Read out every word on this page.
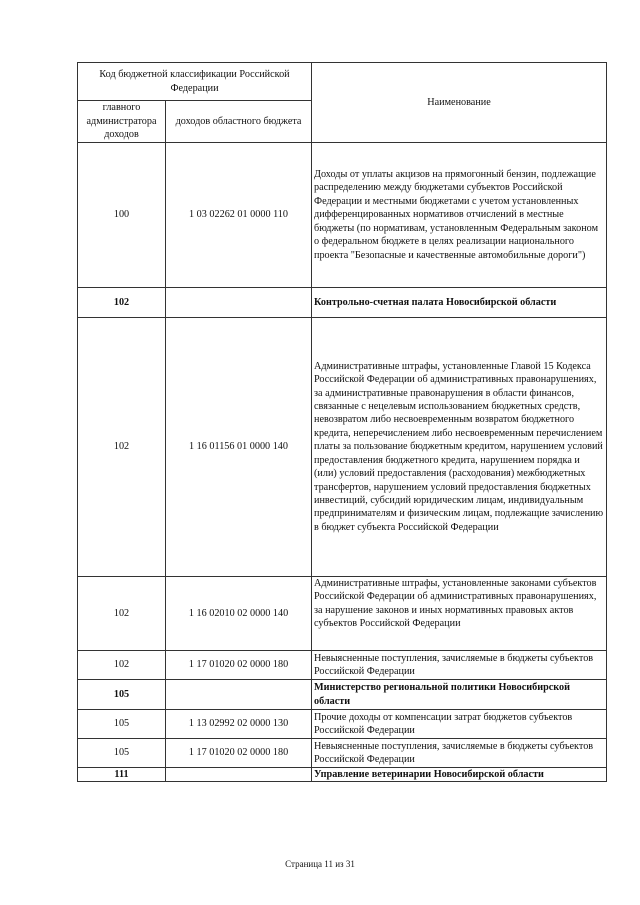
Код бюджетной классификации Российской Федерации		Наименование
главного администратора доходов	доходов областного бюджета	
100	1 03 02262 01 0000 110	Доходы от уплаты акцизов на прямогонный бензин, подлежащие распределению между бюджетами субъектов Российской Федерации и местными бюджетами с учетом установленных дифференцированных нормативов отчислений в местные бюджеты (по нормативам, установленным Федеральным законом о федеральном бюджете в целях реализации национального проекта "Безопасные и качественные автомобильные дороги")
102		Контрольно-счетная палата Новосибирской области
102	1 16 01156 01 0000 140	Административные штрафы, установленные Главой 15 Кодекса Российской Федерации об административных правонарушениях, за административные правонарушения в области финансов, связанные с нецелевым использованием бюджетных средств, невозвратом либо несвоевременным возвратом бюджетного кредита, неперечислением либо несвоевременным перечислением платы за пользование бюджетным кредитом, нарушением условий предоставления бюджетного кредита, нарушением порядка и (или) условий предоставления (расходования) межбюджетных трансфертов, нарушением условий предоставления бюджетных инвестиций, субсидий юридическим лицам, индивидуальным предпринимателям и физическим лицам, подлежащие зачислению в бюджет субъекта Российской Федерации
102	1 16 02010 02 0000 140	Административные штрафы, установленные законами субъектов Российской Федерации об административных правонарушениях, за нарушение законов и иных нормативных правовых актов субъектов Российской Федерации
102	1 17 01020 02 0000 180	Невыясненные поступления, зачисляемые в бюджеты субъектов Российской Федерации
105		Министерство региональной политики Новосибирской области
105	1 13 02992 02 0000 130	Прочие доходы от компенсации затрат бюджетов субъектов Российской Федерации
105	1 17 01020 02 0000 180	Невыясненные поступления, зачисляемые в бюджеты субъектов Российской Федерации
111		Управление ветеринарии Новосибирской области
Страница 11 из 31
